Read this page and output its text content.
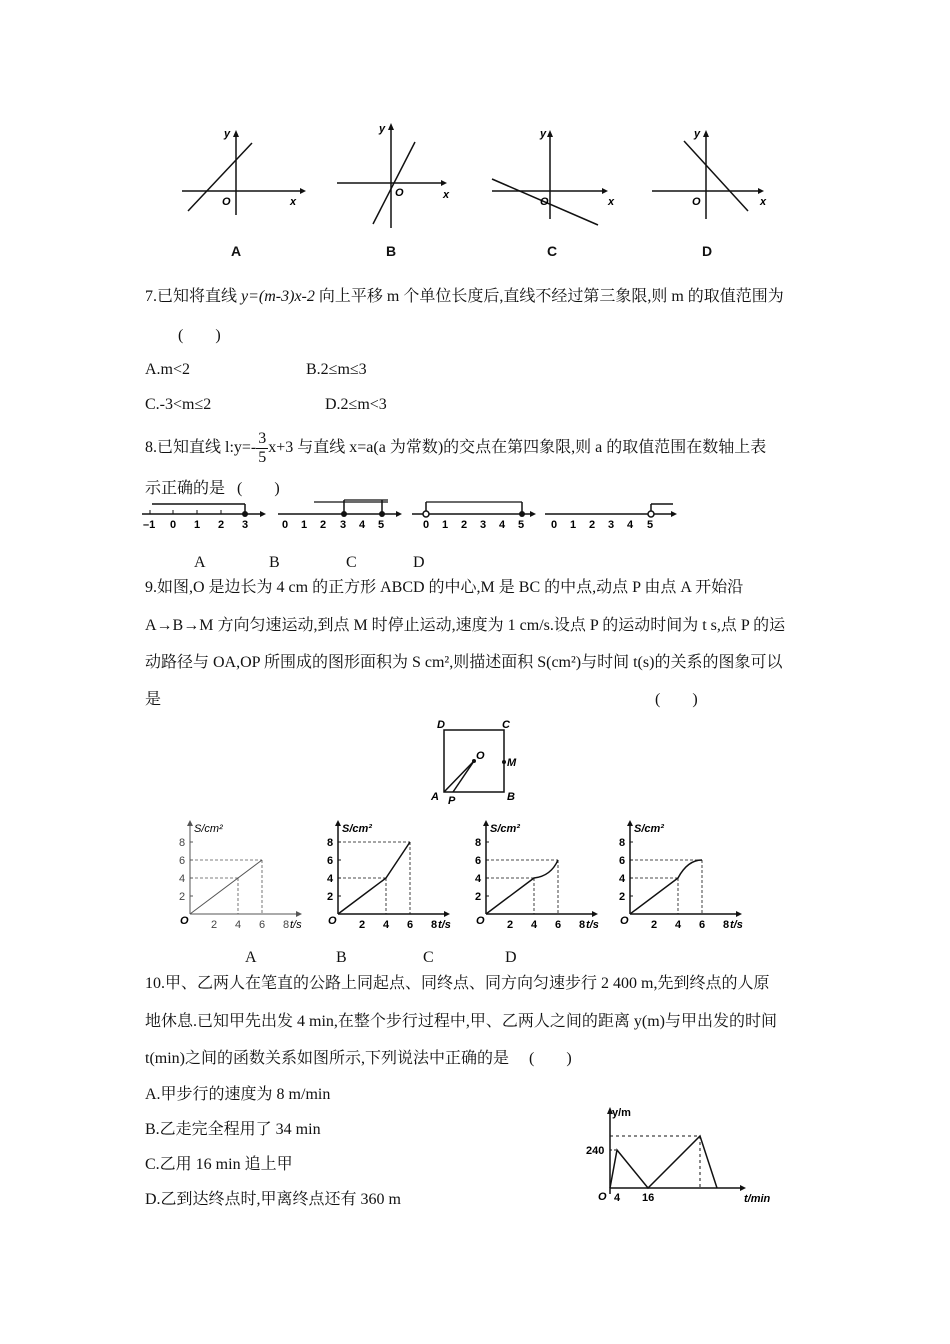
y
x
O
y
x
O
y
x
O
y
x
O
A	B	C	D
7.已知将直线 y=(m-3)x-2 向上平移 m 个单位长度后,直线不经过第三象限,则 m 的取值范围为
(　　)
A.m<2	B.2≤m≤3
C.-3<m≤2	D.2≤m<3
8.已知直线 l:y=- $\frac{3}{5} x+3$ 与直线 x=a(a 为常数)的交点在第四象限,则 a 的取值范围在数轴上表
示正确的是 (　　)
–1 0 1 2 3	0 1 2 3 4 5	0 1 2 3 4 5 0 1 2 3 4 5
A	B	C	D
9.如图,O 是边长为 4 cm 的正方形 ABCD 的中心,M 是 BC 的中点,动点 P 由点 A 开始沿
A→B→M 方向匀速运动,到点 M 时停止运动,速度为 1 cm/s.设点 P 的运动时间为 t s,点 P 的运
动路径与 OA,OP 所围成的图形面积为 S cm²,则描述面积 S(cm²)与时间 t(s)的关系的图象可以
是	(　　)
D	C
O
M
A P	B
2
2
4
4
6
6
8
8
O
S/cm²
t/s
2
2
4
4
6
6
8
8
O
S/cm²
t/s
2
2
4
4
6
6
8
8
O
S/cm²
t/s
2
2
4
4
6
6
8
8
O
S/cm²
t/s
A	B	C	D
10.甲、乙两人在笔直的公路上同起点、同终点、同方向匀速步行 2 400 m,先到终点的人原
地休息.已知甲先出发 4 min,在整个步行过程中,甲、乙两人之间的距离 y(m)与甲出发的时间
t(min)之间的函数关系如图所示,下列说法中正确的是 (　　)
A.甲步行的速度为 8 m/min
B.乙走完全程用了 34 min
C.乙用 16 min 追上甲
D.乙到达终点时,甲离终点还有 360 m
y/m
240
O 4 16	t/min
